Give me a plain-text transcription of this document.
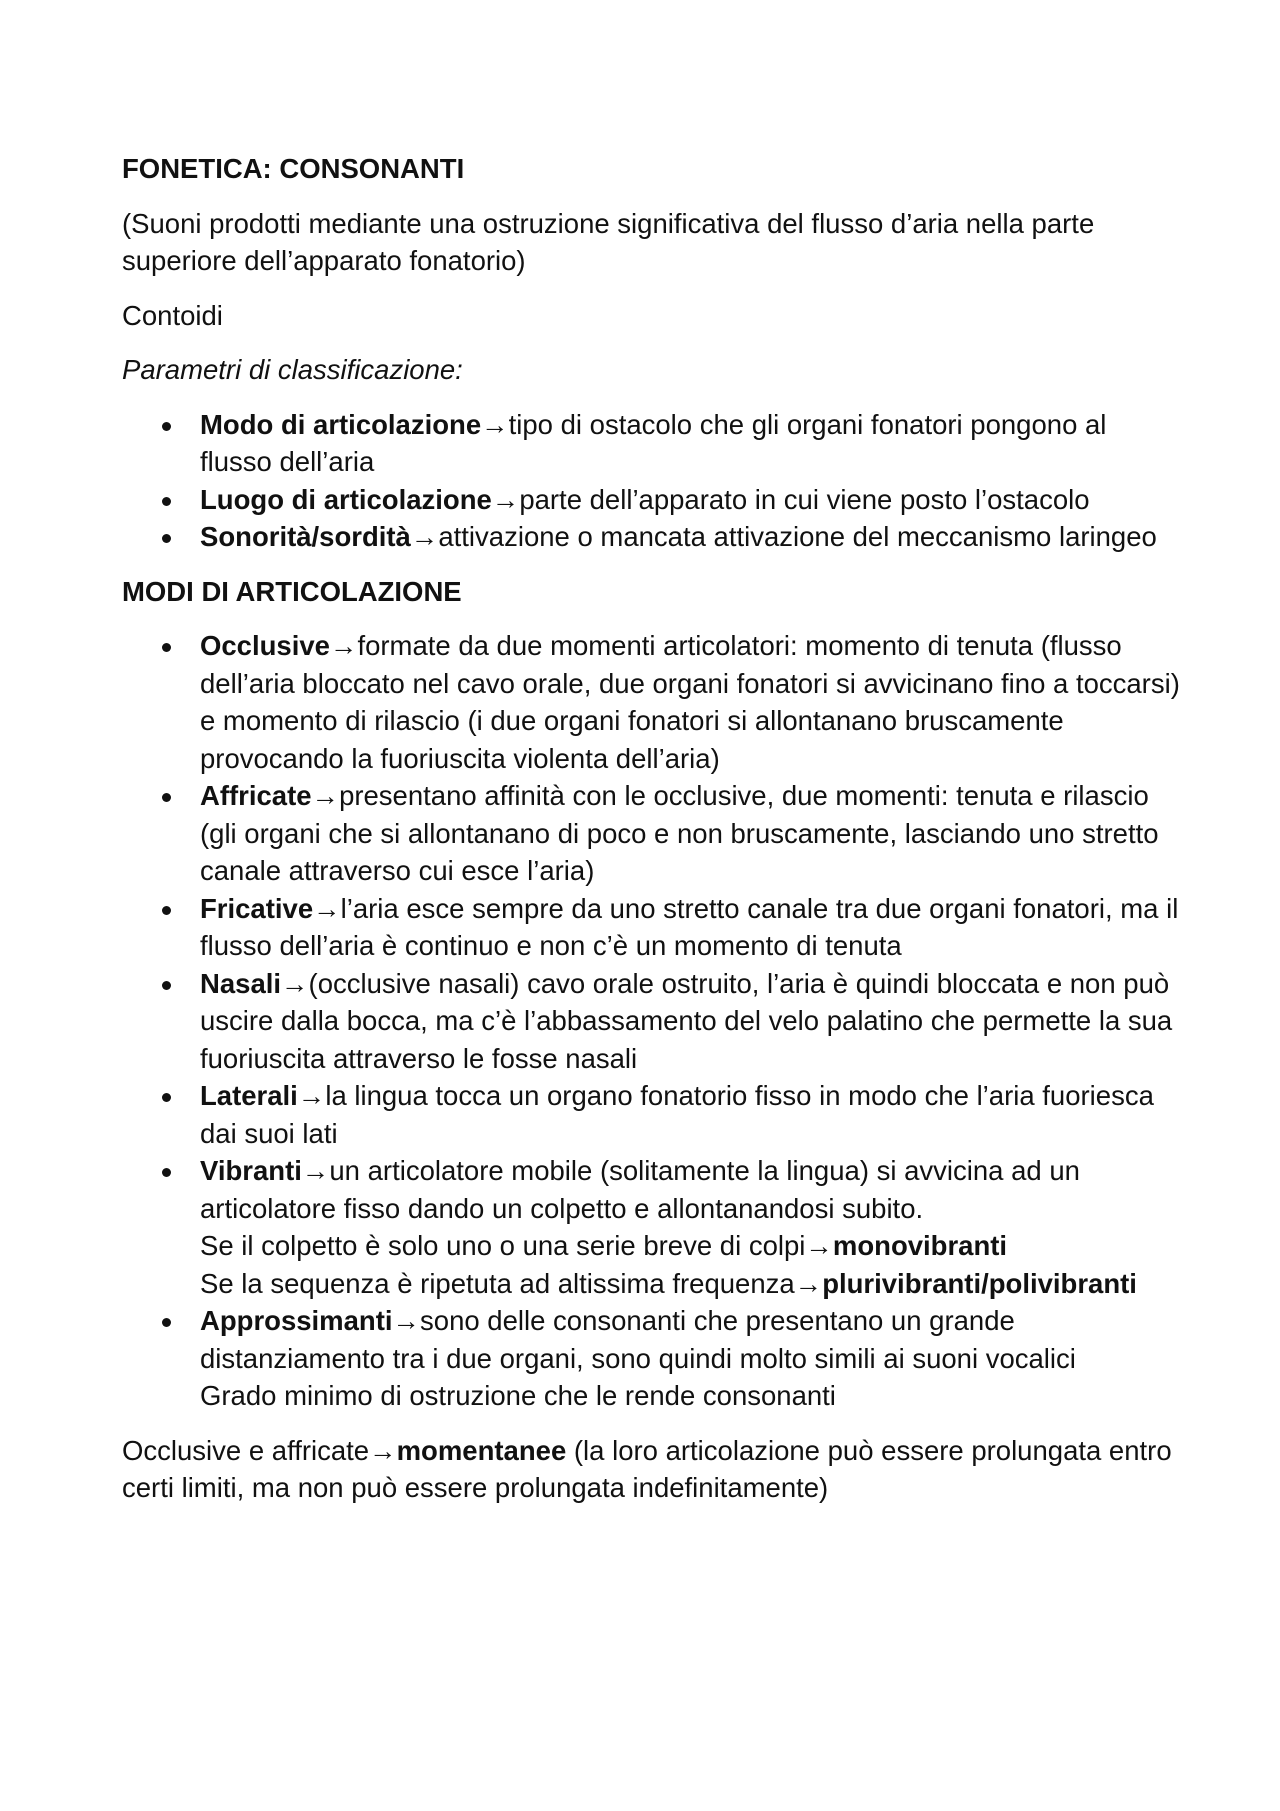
FONETICA: CONSONANTI

(Suoni prodotti mediante una ostruzione significativa del flusso d’aria nella parte superiore dell’apparato fonatorio)

Contoidi

Parametri di classificazione:

Modo di articolazione→tipo di ostacolo che gli organi fonatori pongono al flusso dell’aria
Luogo di articolazione→parte dell’apparato in cui viene posto l’ostacolo
Sonorità/sordità→attivazione o mancata attivazione del meccanismo laringeo

MODI DI ARTICOLAZIONE

Occlusive→formate da due momenti articolatori: momento di tenuta (flusso dell’aria bloccato nel cavo orale, due organi fonatori si avvicinano fino a toccarsi) e momento di rilascio (i due organi fonatori si allontanano bruscamente provocando la fuoriuscita violenta dell’aria)
Affricate→presentano affinità con le occlusive, due momenti: tenuta e rilascio (gli organi che si allontanano di poco e non bruscamente, lasciando uno stretto canale attraverso cui esce l’aria)
Fricative→l’aria esce sempre da uno stretto canale tra due organi fonatori, ma il flusso dell’aria è continuo e non c’è un momento di tenuta
Nasali→(occlusive nasali) cavo orale ostruito, l’aria è quindi bloccata e non può uscire dalla bocca, ma c’è l’abbassamento del velo palatino che permette la sua fuoriuscita attraverso le fosse nasali
Laterali→la lingua tocca un organo fonatorio fisso in modo che l’aria fuoriesca dai suoi lati
Vibranti→un articolatore mobile (solitamente la lingua) si avvicina ad un articolatore fisso dando un colpetto e allontanandosi subito.
Se il colpetto è solo uno o una serie breve di colpi→monovibranti
Se la sequenza è ripetuta ad altissima frequenza→plurivibranti/polivibranti
Approssimanti→sono delle consonanti che presentano un grande distanziamento tra i due organi, sono quindi molto simili ai suoni vocalici
Grado minimo di ostruzione che le rende consonanti

Occlusive e affricate→momentanee (la loro articolazione può essere prolungata entro certi limiti, ma non può essere prolungata indefinitamente)
